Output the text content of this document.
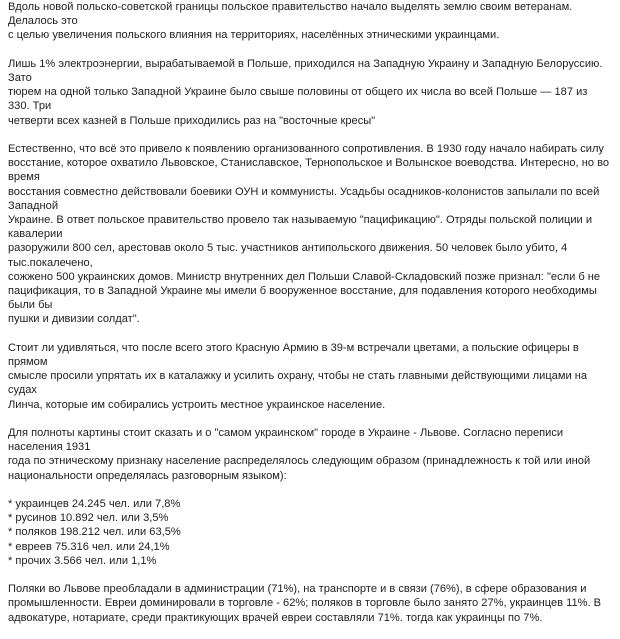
Вдоль новой польско-советской границы польское правительство начало выделять землю своим ветеранам. Делалось это
с целью увеличения польского влияния на территориях, населённых этническими украинцами.

Лишь 1% электроэнергии, вырабатываемой в Польше, приходился на Западную Украину и Западную Белоруссию. Зато
тюрем на одной только Западной Украине было свыше половины от общего их числа во всей Польше — 187 из 330. Три
четверти всех казней в Польше приходились раз на "восточные кресы"

Естественно, что всё это привело к появлению организованного сопротивления. В 1930 году начало набирать силу
восстание, которое охватило Львовское, Станиславское, Тернопольское и Волынское воеводства. Интересно, но во время
восстания совместно действовали боевики ОУН и коммунисты. Усадьбы осадников-колонистов запылали по всей Западной
Украине. В ответ польское правительство провело так называемую "пацификацию". Отряды польской полиции и кавалерии
разоружили 800 сел, арестовав около 5 тыс. участников антипольского движения. 50 человек было убито, 4 тыс.покалечено,
сожжено 500 украинских домов. Министр внутренних дел Польши Славой-Складовский позже признал: "если б не
пацификация, то в Западной Украине мы имели б вооруженное восстание, для подавления которого необходимы были бы
пушки и дивизии солдат".

Стоит ли удивляться, что после всего этого Красную Армию в 39-м встречали цветами, а польские офицеры в прямом
смысле просили упрятать их в каталажку и усилить охрану, чтобы не стать главными действующими лицами на судах
Линча, которые им собирались устроить местное украинское население.

Для полноты картины стоит сказать и о "самом украинском" городе в Украине - Львове. Согласно переписи населения 1931
года по этническому признаку население распределялось следующим образом (принадлежность к той или иной
национальности определялась разговорным языком):

* украинцев 24.245 чел. или 7,8%
* русинов 10.892 чел. или 3,5%
* поляков 198.212 чел. или 63,5%
* евреев 75.316 чел. или 24,1%
* прочих 3.566 чел. или 1,1%

Поляки во Львове преобладали в администрации (71%), на транспорте и в связи (76%), в сфере образования и
промышленности. Евреи доминировали в торговле - 62%; поляков в торговле было занято 27%, украинцев 11%. В
адвокатуре, нотариате, среди практикующих врачей евреи составляли 71%. тогда как украинцы по 7%.
